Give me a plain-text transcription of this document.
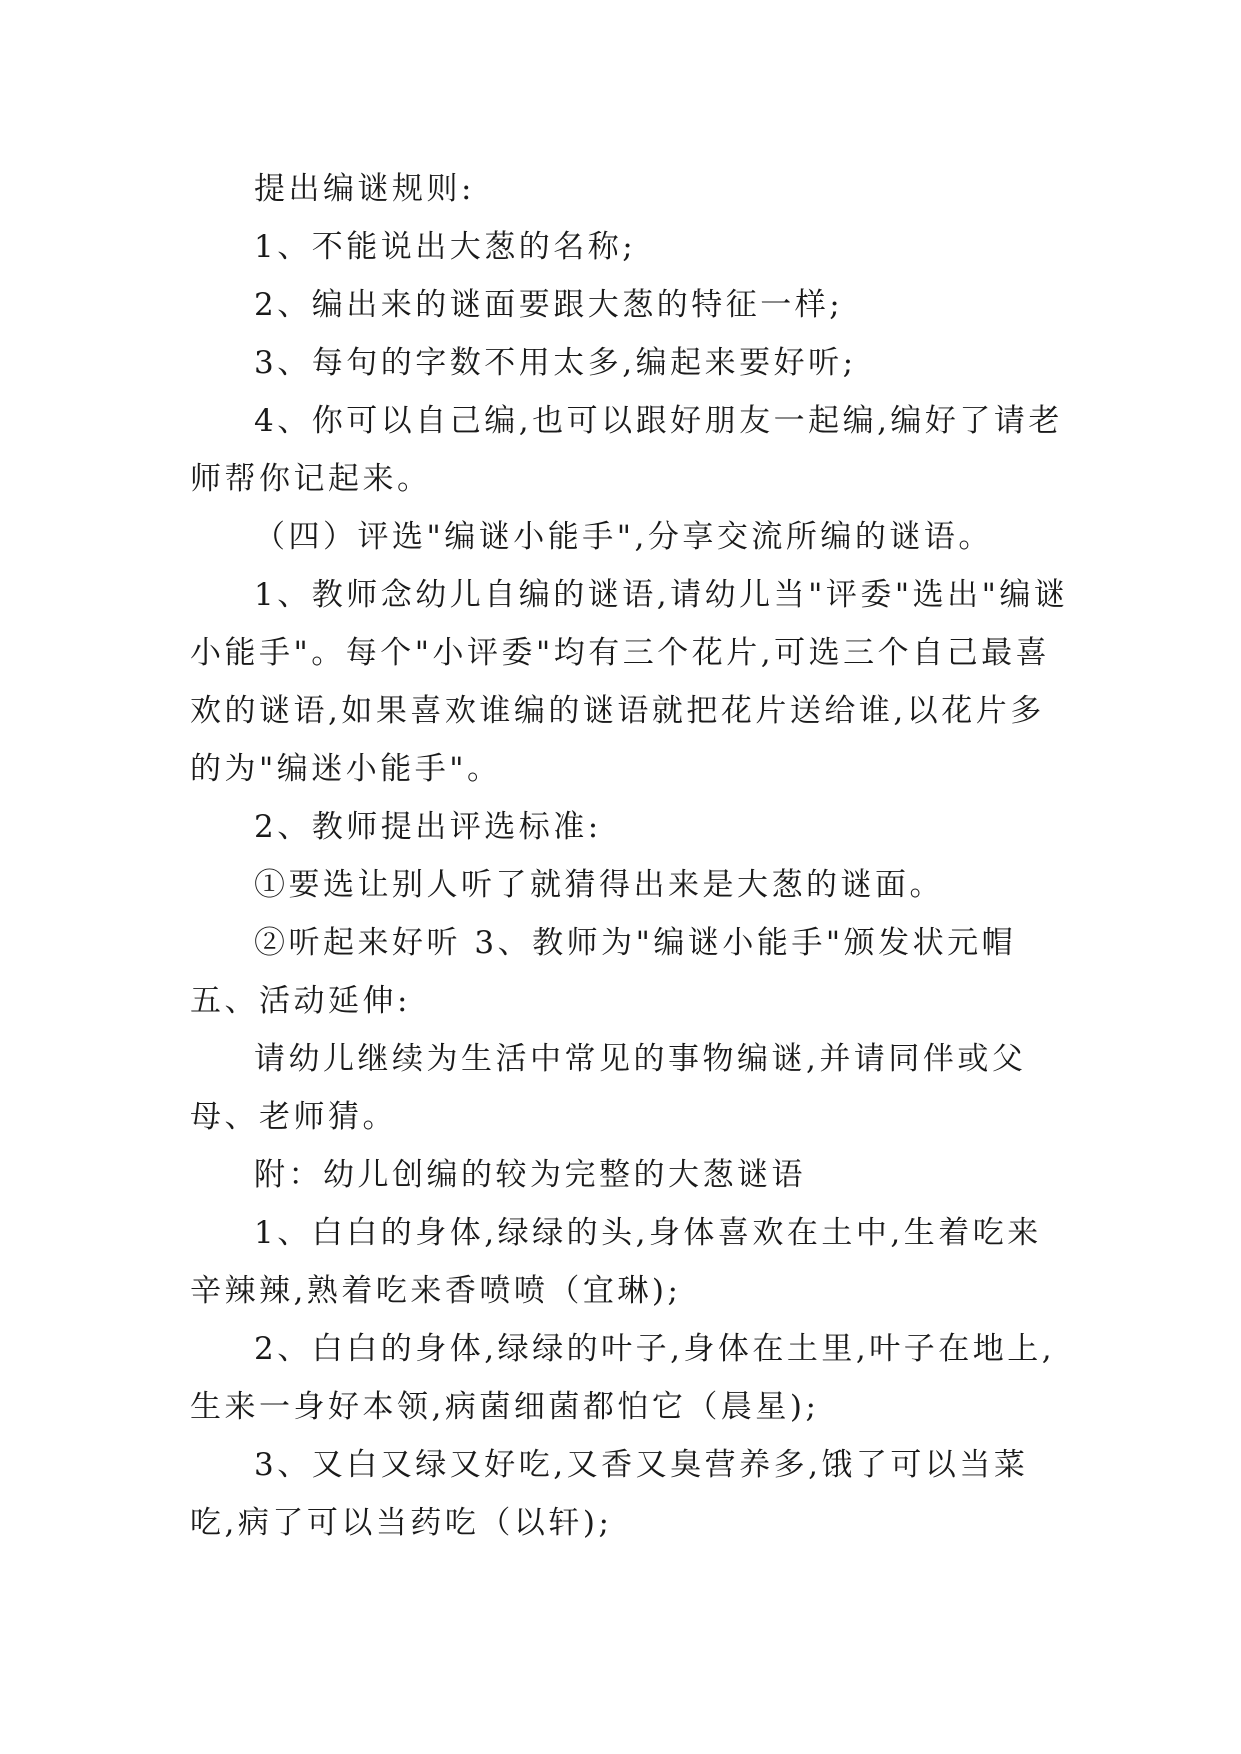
提出编谜规则:

1、不能说出大葱的名称;

2、编出来的谜面要跟大葱的特征一样;

3、每句的字数不用太多,编起来要好听;

4、你可以自己编,也可以跟好朋友一起编,编好了请老师帮你记起来。

（四）评选"编谜小能手",分享交流所编的谜语。

1、教师念幼儿自编的谜语,请幼儿当"评委"选出"编谜小能手"。每个"小评委"均有三个花片,可选三个自己最喜欢的谜语,如果喜欢谁编的谜语就把花片送给谁,以花片多的为"编迷小能手"。

2、教师提出评选标准:

①要选让别人听了就猜得出来是大葱的谜面。

②听起来好听 3、教师为"编谜小能手"颁发状元帽五、活动延伸:

请幼儿继续为生活中常见的事物编谜,并请同伴或父母、老师猜。

附：幼儿创编的较为完整的大葱谜语

1、白白的身体,绿绿的头,身体喜欢在土中,生着吃来辛辣辣,熟着吃来香喷喷（宜琳);

2、白白的身体,绿绿的叶子,身体在土里,叶子在地上,生来一身好本领,病菌细菌都怕它（晨星);

3、又白又绿又好吃,又香又臭营养多,饿了可以当菜吃,病了可以当药吃（以轩);
